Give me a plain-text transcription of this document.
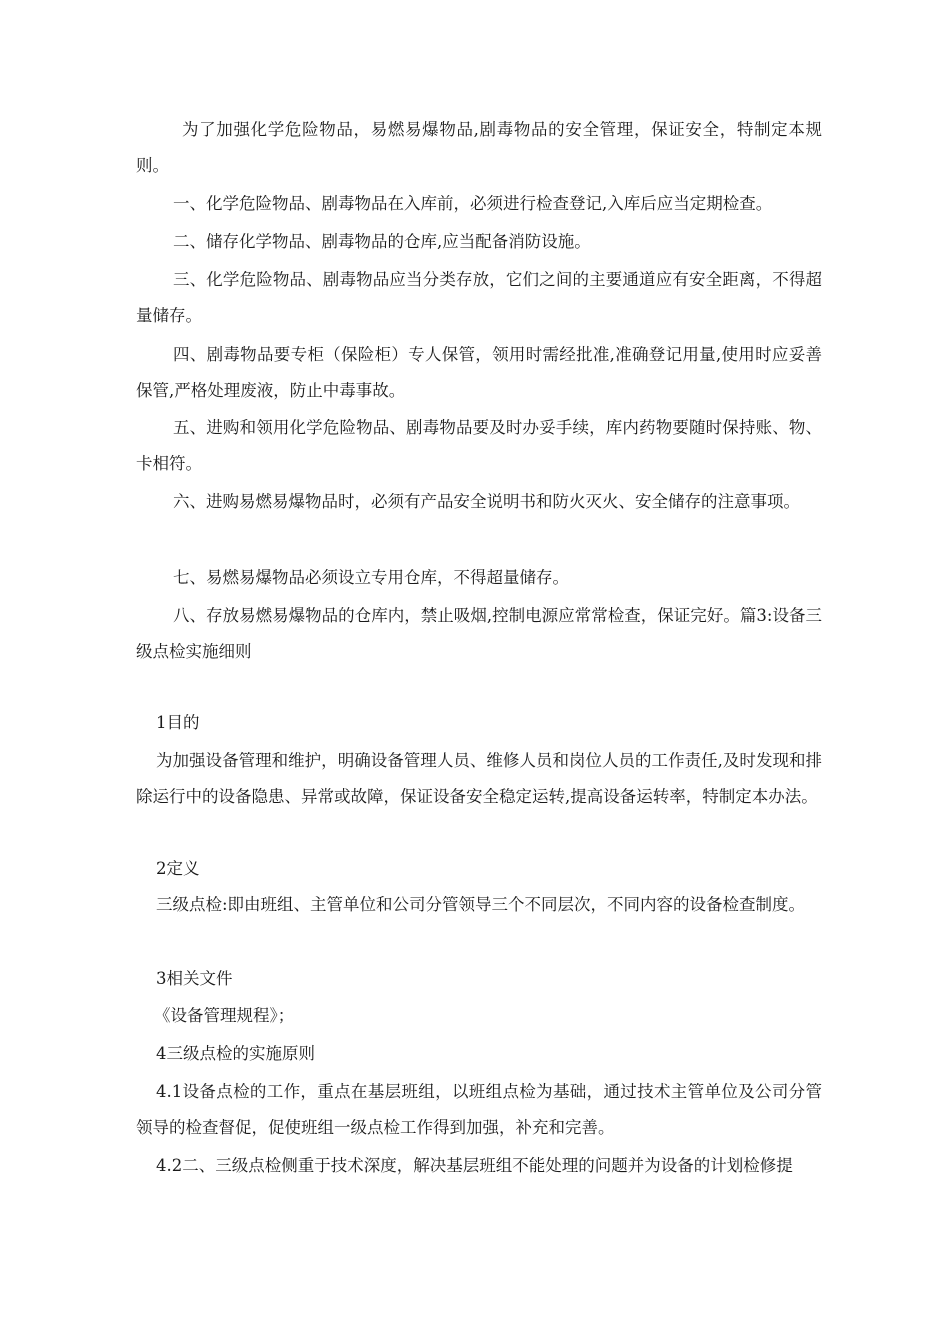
为了加强化学危险物品，易燃易爆物品,剧毒物品的安全管理，保证安全，特制定本规则。

一、化学危险物品、剧毒物品在入库前，必须进行检查登记,入库后应当定期检查。

二、储存化学物品、剧毒物品的仓库,应当配备消防设施。

三、化学危险物品、剧毒物品应当分类存放，它们之间的主要通道应有安全距离，不得超量储存。

四、剧毒物品要专柜（保险柜）专人保管，领用时需经批准,准确登记用量,使用时应妥善保管,严格处理废液，防止中毒事故。

五、进购和领用化学危险物品、剧毒物品要及时办妥手续，库内药物要随时保持账、物、卡相符。

六、进购易燃易爆物品时，必须有产品安全说明书和防火灭火、安全储存的注意事项。

七、易燃易爆物品必须设立专用仓库，不得超量储存。

八、存放易燃易爆物品的仓库内，禁止吸烟,控制电源应常常检查，保证完好。篇3:设备三级点检实施细则

1目的

为加强设备管理和维护，明确设备管理人员、维修人员和岗位人员的工作责任,及时发现和排除运行中的设备隐患、异常或故障，保证设备安全稳定运转,提高设备运转率，特制定本办法。

2定义

三级点检:即由班组、主管单位和公司分管领导三个不同层次，不同内容的设备检查制度。

3相关文件

《设备管理规程》；

4三级点检的实施原则

4.1设备点检的工作，重点在基层班组，以班组点检为基础，通过技术主管单位及公司分管领导的检查督促，促使班组一级点检工作得到加强，补充和完善。

4.2二、三级点检侧重于技术深度，解决基层班组不能处理的问题并为设备的计划检修提
